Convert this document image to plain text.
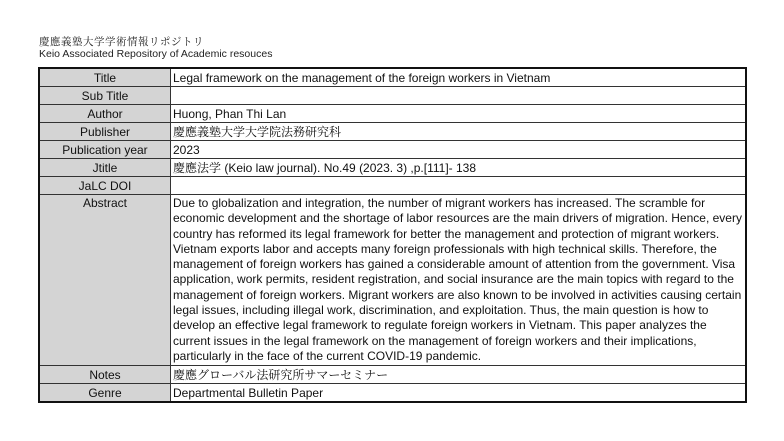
慶應義塾大学学術情報リポジトリ
Keio Associated Repository of Academic resouces
Title	Legal framework on the management of the foreign workers in Vietnam
Sub Title	
Author	Huong, Phan Thi Lan
Publisher	慶應義塾大学大学院法務研究科
Publication year	2023
Jtitle	慶應法学 (Keio law journal). No.49 (2023. 3) ,p.[111]- 138
JaLC DOI	
Abstract	Due to globalization and integration, the number of migrant workers has increased. The scramble for economic development and the shortage of labor resources are the main drivers of migration. Hence, every country has reformed its legal framework for better the management and protection of migrant workers. Vietnam exports labor and accepts many foreign professionals with high technical skills. Therefore, the management of foreign workers has gained a considerable amount of attention from the government. Visa application, work permits, resident registration, and social insurance are the main topics with regard to the management of foreign workers. Migrant workers are also known to be involved in activities causing certain legal issues, including illegal work, discrimination, and exploitation. Thus, the main question is how to develop an effective legal framework to regulate foreign workers in Vietnam. This paper analyzes the current issues in the legal framework on the management of foreign workers and their implications, particularly in the face of the current COVID-19 pandemic.
Notes	慶應グローバル法研究所サマーセミナー
Genre	Departmental Bulletin Paper
